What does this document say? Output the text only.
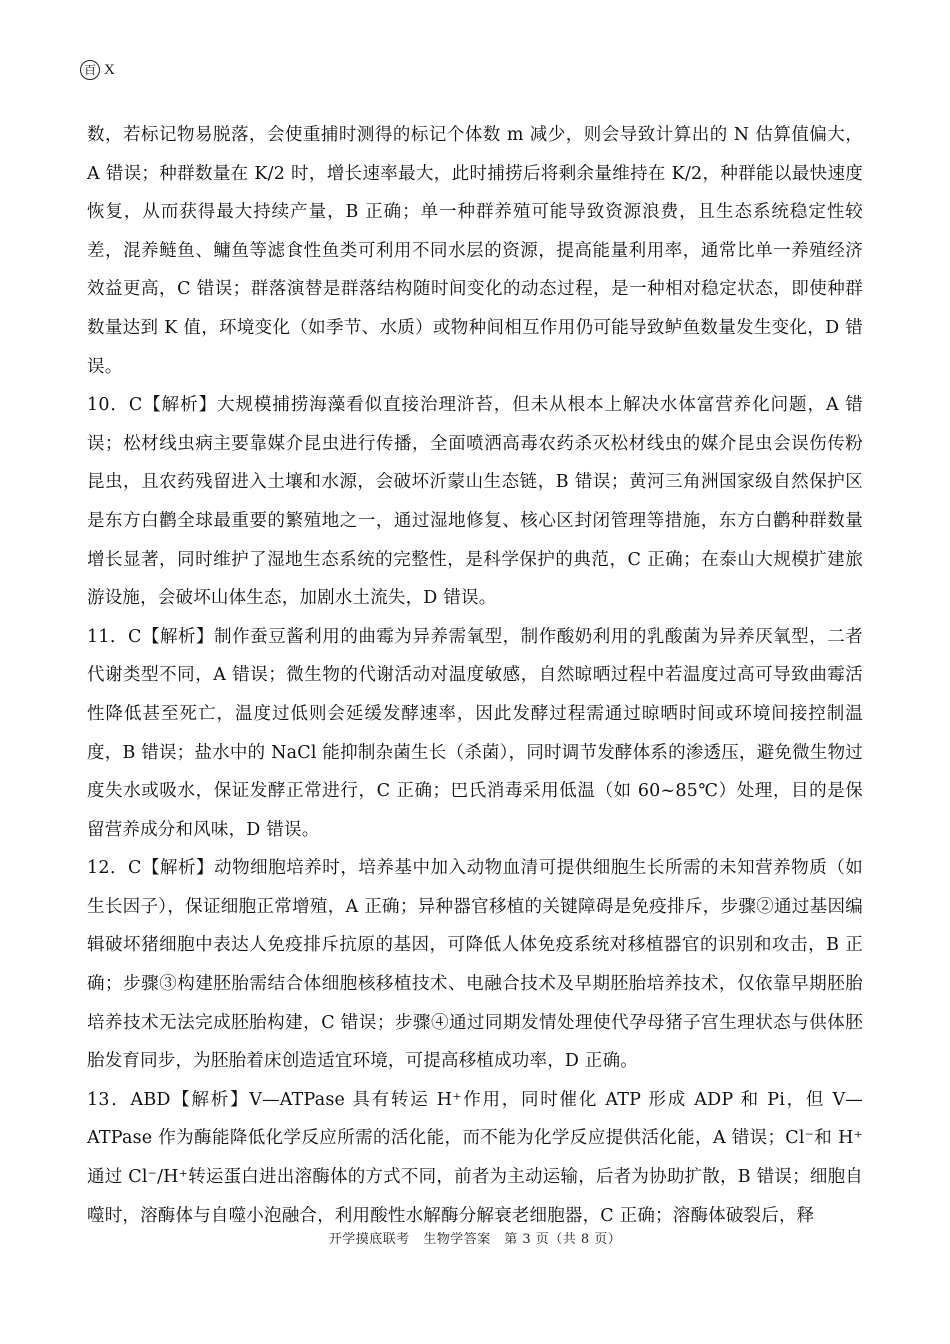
百 X

数，若标记物易脱落，会使重捕时测得的标记个体数 m 减少，则会导致计算出的 N 估算值偏大，A 错误；种群数量在 K/2 时，增长速率最大，此时捕捞后将剩余量维持在 K/2，种群能以最快速度恢复，从而获得最大持续产量，B 正确；单一种群养殖可能导致资源浪费，且生态系统稳定性较差，混养鲢鱼、鳙鱼等滤食性鱼类可利用不同水层的资源，提高能量利用率，通常比单一养殖经济效益更高，C 错误；群落演替是群落结构随时间变化的动态过程，是一种相对稳定状态，即使种群数量达到 K 值，环境变化（如季节、水质）或物种间相互作用仍可能导致鲈鱼数量发生变化，D 错误。

10．C【解析】大规模捕捞海藻看似直接治理浒苔，但未从根本上解决水体富营养化问题，A 错误；松材线虫病主要靠媒介昆虫进行传播，全面喷洒高毒农药杀灭松材线虫的媒介昆虫会误伤传粉昆虫，且农药残留进入土壤和水源，会破坏沂蒙山生态链，B 错误；黄河三角洲国家级自然保护区是东方白鹳全球最重要的繁殖地之一，通过湿地修复、核心区封闭管理等措施，东方白鹳种群数量增长显著，同时维护了湿地生态系统的完整性，是科学保护的典范，C 正确；在泰山大规模扩建旅游设施，会破坏山体生态，加剧水土流失，D 错误。

11．C【解析】制作蚕豆酱利用的曲霉为异养需氧型，制作酸奶利用的乳酸菌为异养厌氧型，二者代谢类型不同，A 错误；微生物的代谢活动对温度敏感，自然晾晒过程中若温度过高可导致曲霉活性降低甚至死亡，温度过低则会延缓发酵速率，因此发酵过程需通过晾晒时间或环境间接控制温度，B 错误；盐水中的 NaCl 能抑制杂菌生长（杀菌），同时调节发酵体系的渗透压，避免微生物过度失水或吸水，保证发酵正常进行，C 正确；巴氏消毒采用低温（如 60~85℃）处理，目的是保留营养成分和风味，D 错误。

12．C【解析】动物细胞培养时，培养基中加入动物血清可提供细胞生长所需的未知营养物质（如生长因子），保证细胞正常增殖，A 正确；异种器官移植的关键障碍是免疫排斥，步骤②通过基因编辑破坏猪细胞中表达人免疫排斥抗原的基因，可降低人体免疫系统对移植器官的识别和攻击，B 正确；步骤③构建胚胎需结合体细胞核移植技术、电融合技术及早期胚胎培养技术，仅依靠早期胚胎培养技术无法完成胚胎构建，C 错误；步骤④通过同期发情处理使代孕母猪子宫生理状态与供体胚胎发育同步，为胚胎着床创造适宜环境，可提高移植成功率，D 正确。

13．ABD【解析】V—ATPase 具有转运 H⁺作用，同时催化 ATP 形成 ADP 和 Pi，但 V—ATPase 作为酶能降低化学反应所需的活化能，而不能为化学反应提供活化能，A 错误；Cl⁻和 H⁺通过 Cl⁻/H⁺转运蛋白进出溶酶体的方式不同，前者为主动运输，后者为协助扩散，B 错误；细胞自噬时，溶酶体与自噬小泡融合，利用酸性水解酶分解衰老细胞器，C 正确；溶酶体破裂后，释

开学摸底联考　生物学答案　第 3 页（共 8 页）
